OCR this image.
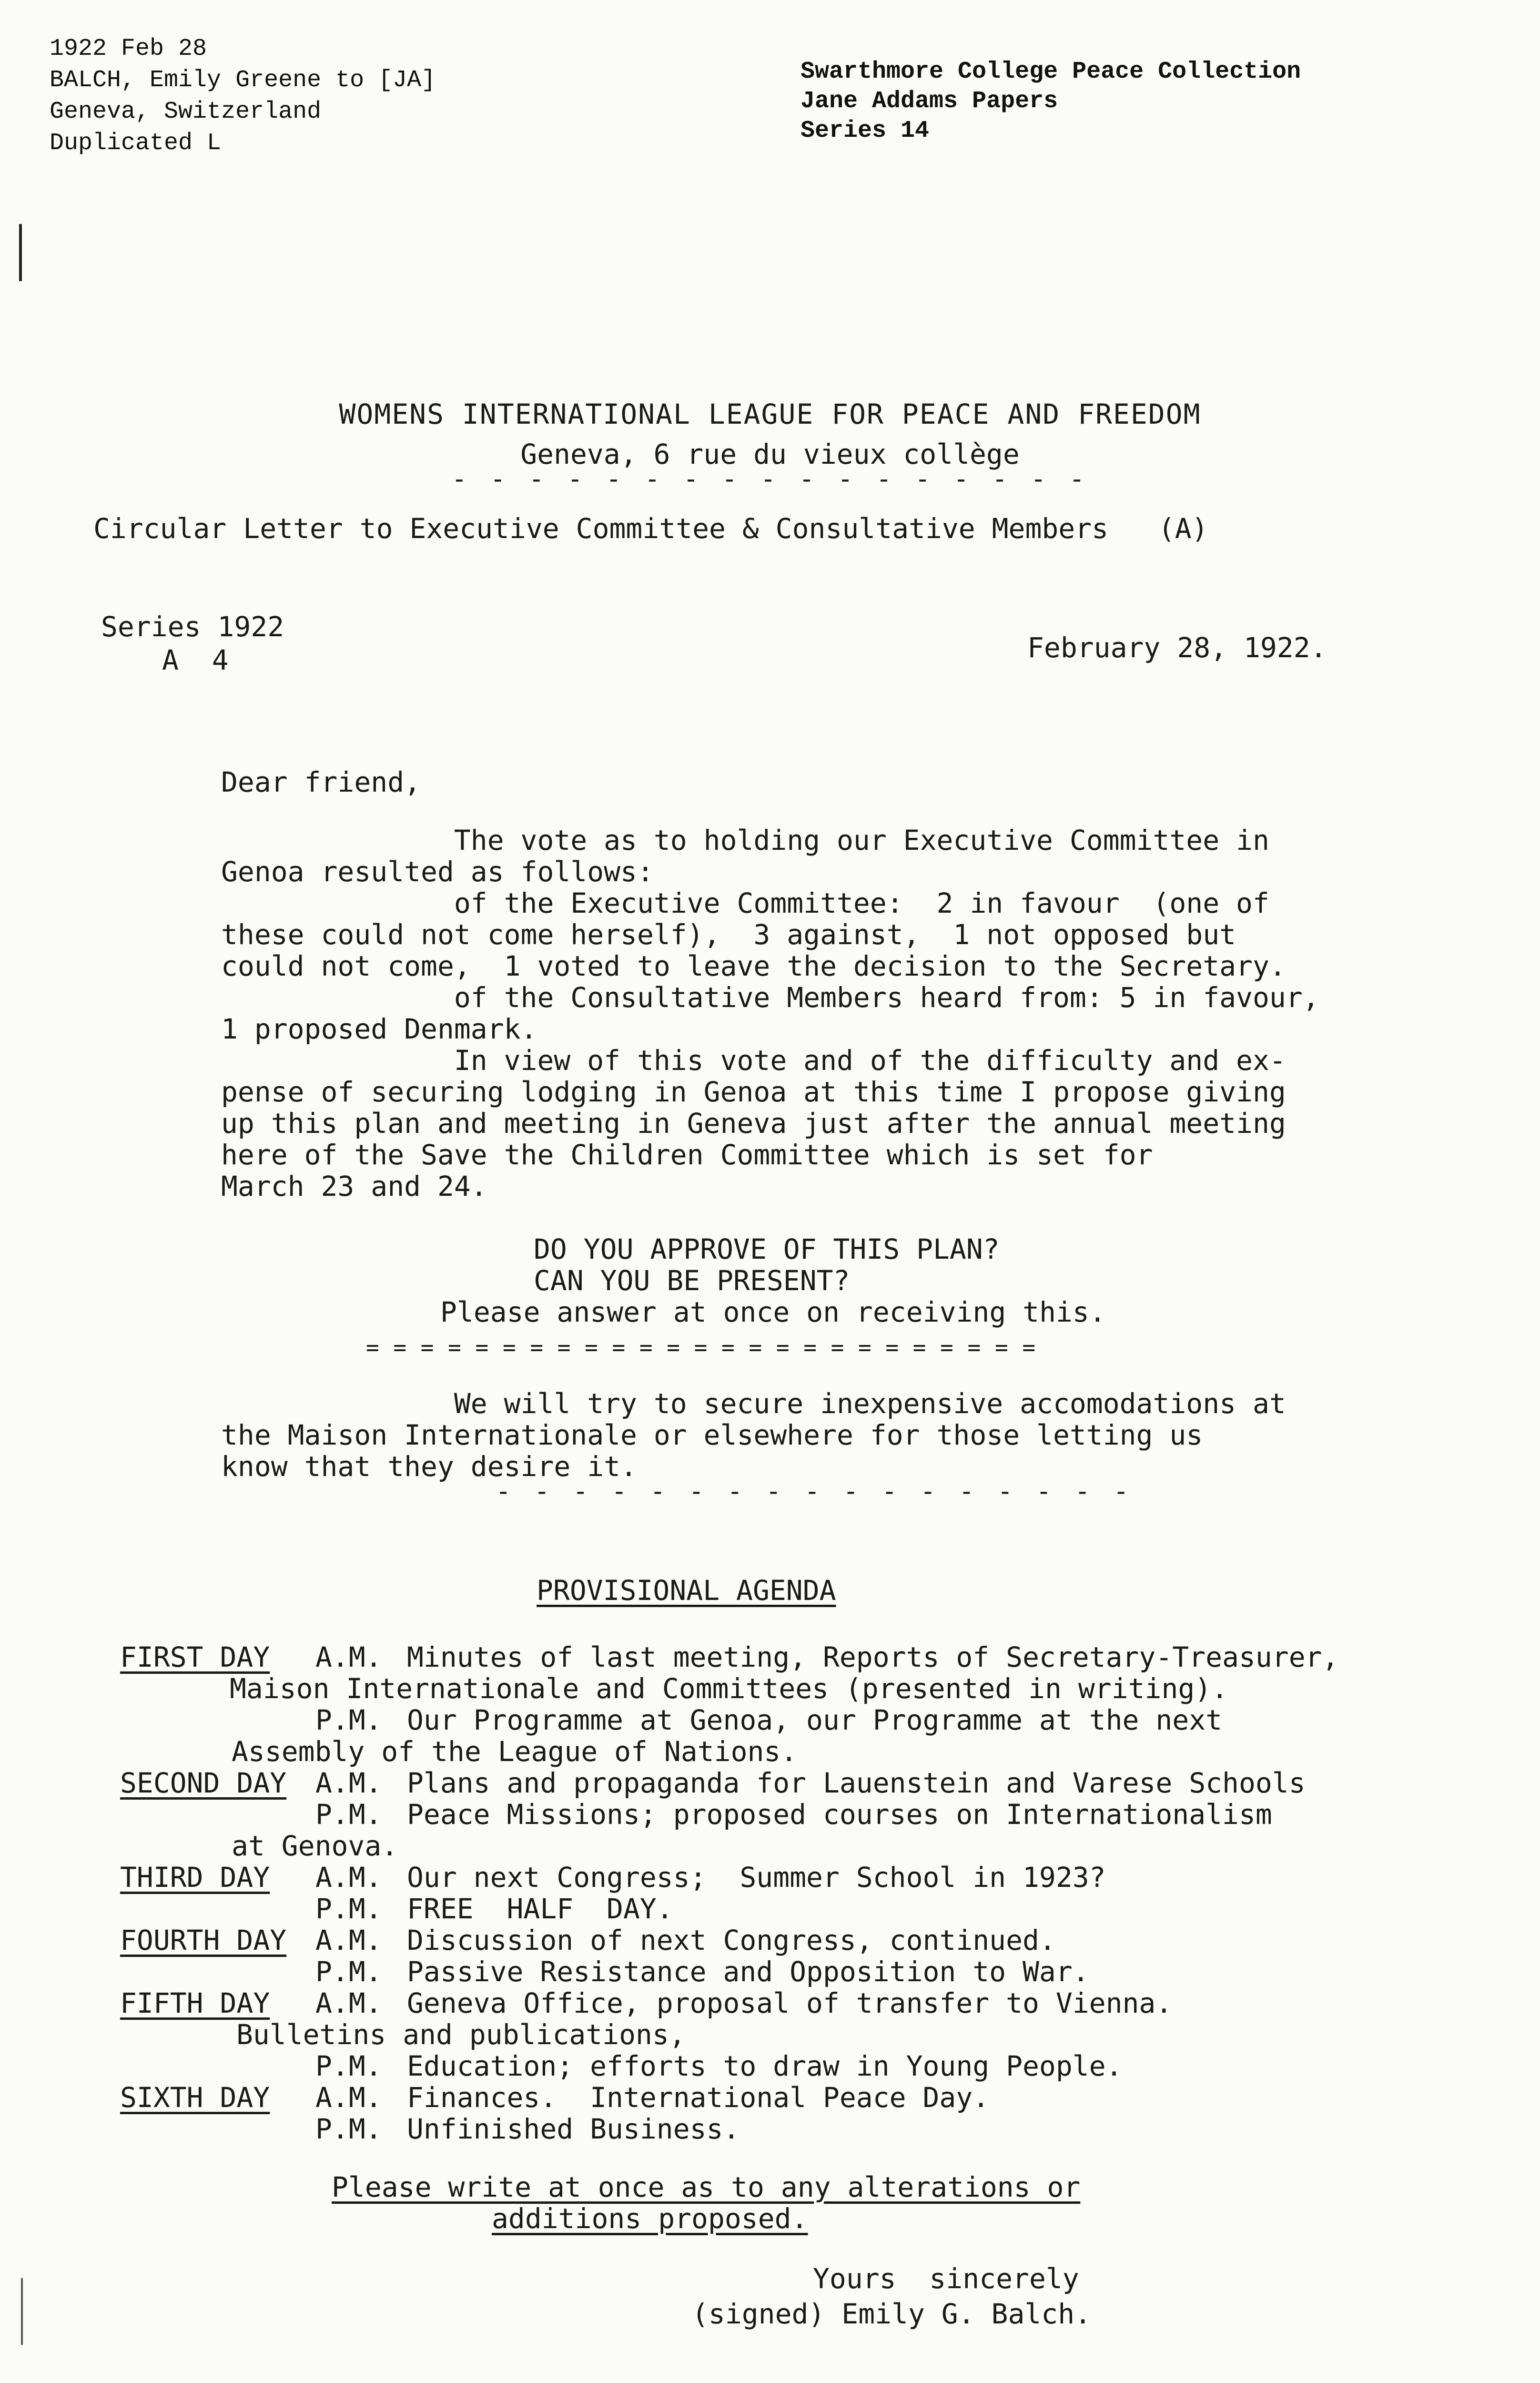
1922 Feb 28
BALCH, Emily Greene to [JA]
Geneva, Switzerland
Duplicated L
Swarthmore College Peace Collection
Jane Addams Papers
Series 14
WOMENS INTERNATIONAL LEAGUE FOR PEACE AND FREEDOM
Geneva, 6 rue du vieux collège
- - - - - - - - - - - - - - - - -
Circular Letter to Executive Committee & Consultative Members   (A)
Series 1922
A  4	February 28, 1922.
Dear friend,
The vote as to holding our Executive Committee in
Genoa resulted as follows:
of the Executive Committee:  2 in favour  (one of
these could not come herself),  3 against,  1 not opposed but
could not come,  1 voted to leave the decision to the Secretary.
of the Consultative Members heard from: 5 in favour,
1 proposed Denmark.
In view of this vote and of the difficulty and ex-
pense of securing lodging in Genoa at this time I propose giving
up this plan and meeting in Geneva just after the annual meeting
here of the Save the Children Committee which is set for
March 23 and 24.
DO YOU APPROVE OF THIS PLAN?
CAN YOU BE PRESENT?
Please answer at once on receiving this.
= = = = = = = = = = = = = = = = = = = = = = = = =
We will try to secure inexpensive accomodations at
the Maison Internationale or elsewhere for those letting us
know that they desire it.
- - - - - - - - - - - - - - - - -
PROVISIONAL AGENDA
FIRST DAY A.M. Minutes of last meeting, Reports of Secretary-Treasurer,
Maison Internationale and Committees (presented in writing).
P.M. Our Programme at Genoa, our Programme at the next
Assembly of the League of Nations.
SECOND DAY A.M. Plans and propaganda for Lauenstein and Varese Schools
P.M. Peace Missions; proposed courses on Internationalism
at Genova.
THIRD DAY A.M. Our next Congress;  Summer School in 1923?
P.M. FREE  HALF  DAY.
FOURTH DAY A.M. Discussion of next Congress, continued.
P.M. Passive Resistance and Opposition to War.
FIFTH DAY A.M. Geneva Office, proposal of transfer to Vienna.
Bulletins and publications,
P.M. Education; efforts to draw in Young People.
SIXTH DAY A.M. Finances.  International Peace Day.
P.M. Unfinished Business.
Please write at once as to any alterations or
additions proposed.
Yours  sincerely
(signed) Emily G. Balch.
